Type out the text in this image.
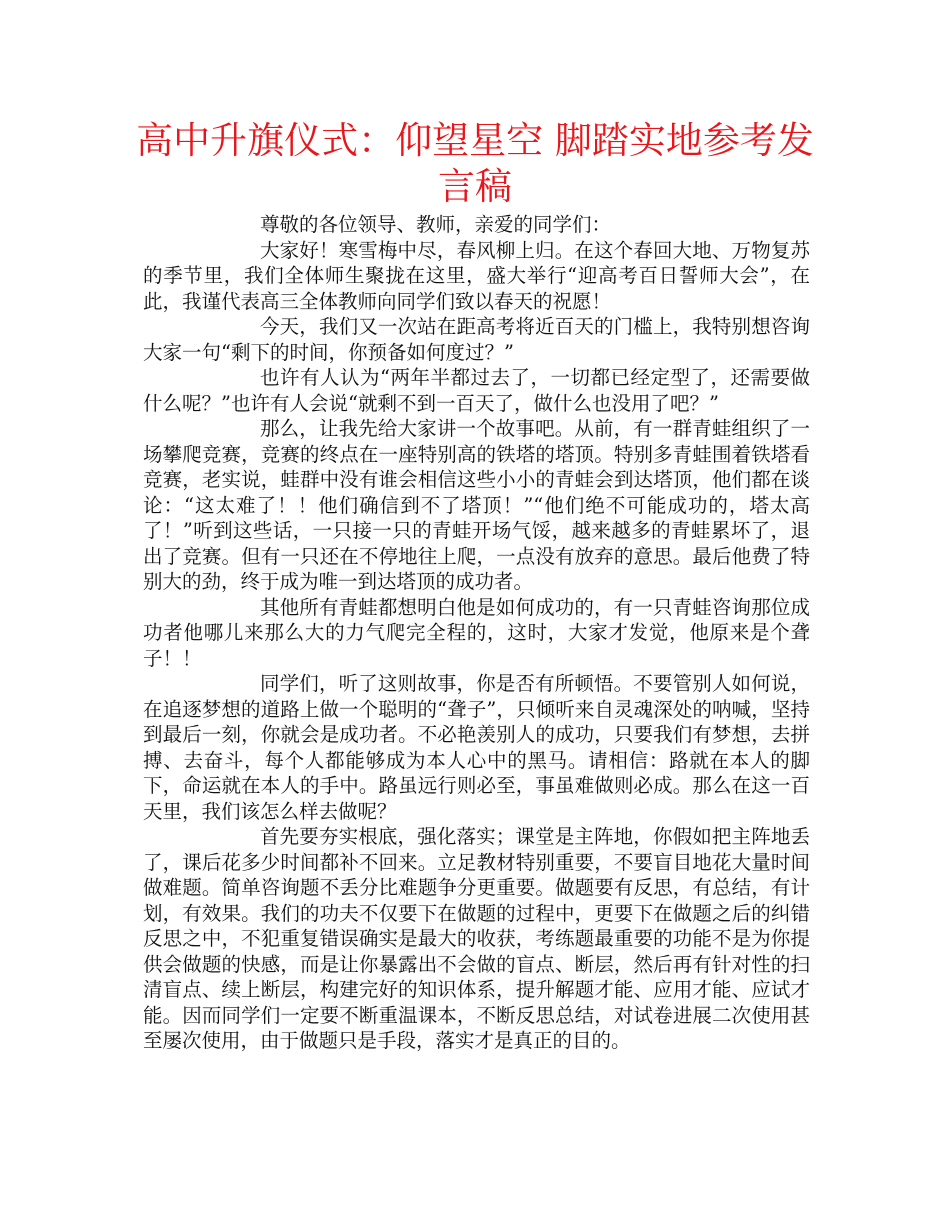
高中升旗仪式：仰望星空 脚踏实地参考发言稿

尊敬的各位领导、教师，亲爱的同学们：

大家好！寒雪梅中尽，春风柳上归。在这个春回大地、万物复苏的季节里，我们全体师生聚拢在这里，盛大举行“迎高考百日誓师大会”，在此，我谨代表高三全体教师向同学们致以春天的祝愿！

今天，我们又一次站在距高考将近百天的门槛上，我特别想咨询大家一句“剩下的时间，你预备如何度过？”

也许有人认为“两年半都过去了，一切都已经定型了，还需要做什么呢？”也许有人会说“就剩不到一百天了，做什么也没用了吧？”

那么，让我先给大家讲一个故事吧。从前，有一群青蛙组织了一场攀爬竞赛，竞赛的终点在一座特别高的铁塔的塔顶。特别多青蛙围着铁塔看竞赛，老实说，蛙群中没有谁会相信这些小小的青蛙会到达塔顶，他们都在谈论：“这太难了！！他们确信到不了塔顶！”“他们绝不可能成功的，塔太高了！”听到这些话，一只接一只的青蛙开场气馁，越来越多的青蛙累坏了，退出了竞赛。但有一只还在不停地往上爬，一点没有放弃的意思。最后他费了特别大的劲，终于成为唯一到达塔顶的成功者。

其他所有青蛙都想明白他是如何成功的，有一只青蛙咨询那位成功者他哪儿来那么大的力气爬完全程的，这时，大家才发觉，他原来是个聋子！！

同学们，听了这则故事，你是否有所顿悟。不要管别人如何说，在追逐梦想的道路上做一个聪明的“聋子”，只倾听来自灵魂深处的呐喊，坚持到最后一刻，你就会是成功者。不必艳羡别人的成功，只要我们有梦想，去拼搏、去奋斗，每个人都能够成为本人心中的黑马。请相信：路就在本人的脚下，命运就在本人的手中。路虽远行则必至，事虽难做则必成。那么在这一百天里，我们该怎么样去做呢？

首先要夯实根底，强化落实；课堂是主阵地，你假如把主阵地丢了，课后花多少时间都补不回来。立足教材特别重要，不要盲目地花大量时间做难题。简单咨询题不丢分比难题争分更重要。做题要有反思，有总结，有计划，有效果。我们的功夫不仅要下在做题的过程中，更要下在做题之后的纠错反思之中，不犯重复错误确实是最大的收获，考练题最重要的功能不是为你提供会做题的快感，而是让你暴露出不会做的盲点、断层，然后再有针对性的扫清盲点、续上断层，构建完好的知识体系，提升解题才能、应用才能、应试才能。因而同学们一定要不断重温课本，不断反思总结，对试卷进展二次使用甚至屡次使用，由于做题只是手段，落实才是真正的目的。
